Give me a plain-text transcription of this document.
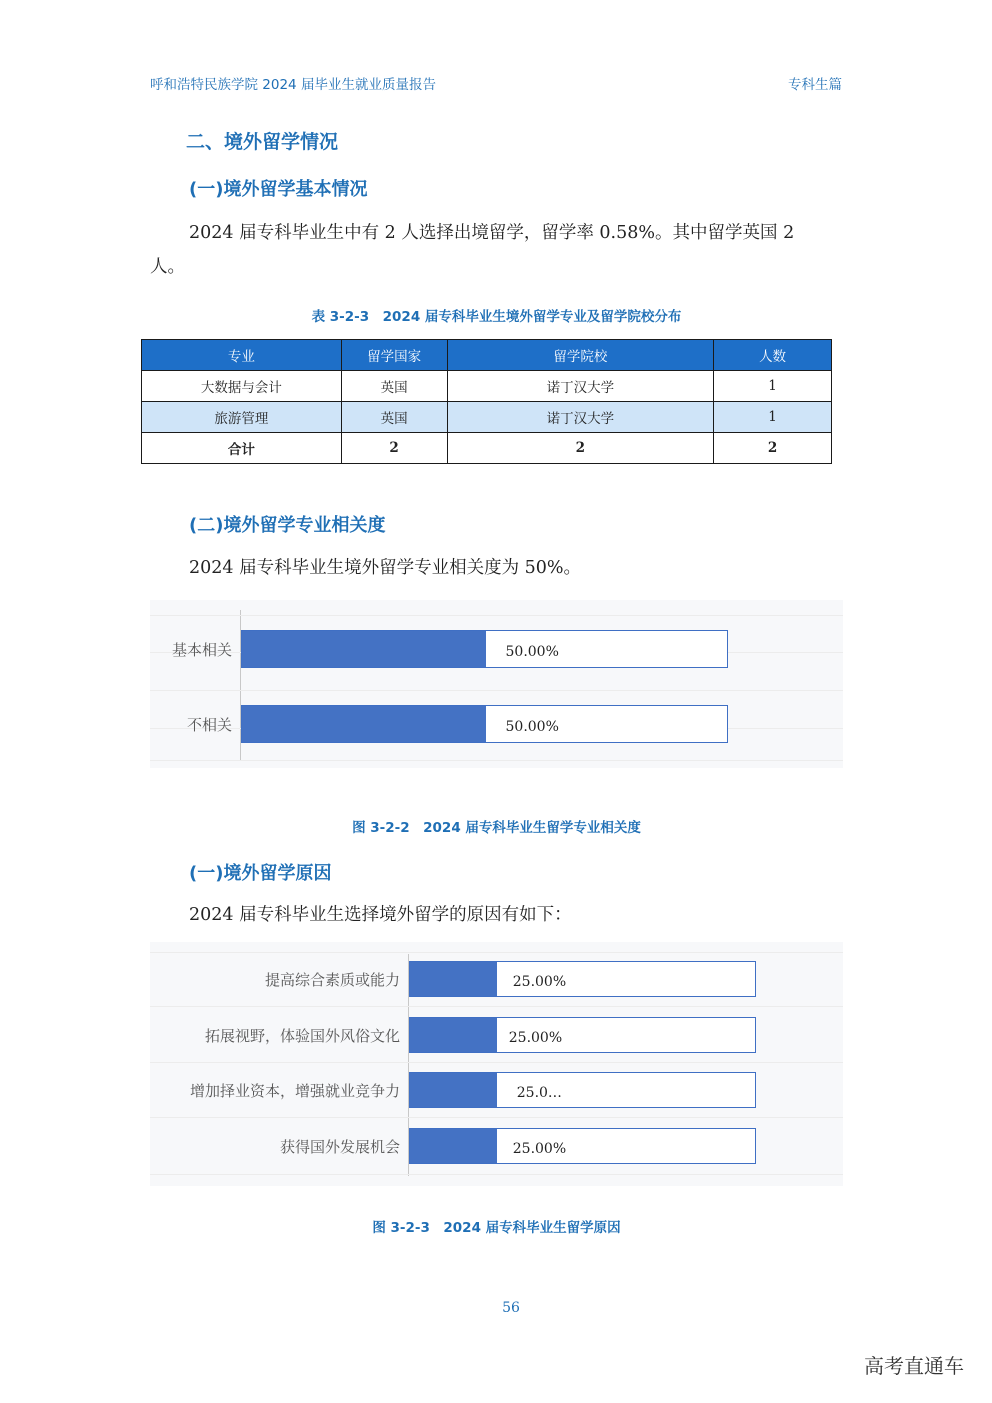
呼和浩特民族学院 2024 届毕业生就业质量报告	专科生篇
二、境外留学情况
(一)境外留学基本情况
2024 届专科毕业生中有 2 人选择出境留学，留学率 0.58%。其中留学英国 2
人。
表 3-2-3　2024 届专科毕业生境外留学专业及留学院校分布
专业	留学国家	留学院校	人数
大数据与会计	英国	诺丁汉大学	1
旅游管理	英国	诺丁汉大学	1
合计	2	2	2
(二)境外留学专业相关度
2024 届专科毕业生境外留学专业相关度为 50%。
基本相关	50.00%
不相关	50.00%
图 3-2-2　2024 届专科毕业生留学专业相关度
(一)境外留学原因
2024 届专科毕业生选择境外留学的原因有如下：
提高综合素质或能力	25.00%
拓展视野，体验国外风俗文化	25.00%
增加择业资本，增强就业竞争力	25.0…
获得国外发展机会	25.00%
图 3-2-3　2024 届专科毕业生留学原因
56
高考直通车
